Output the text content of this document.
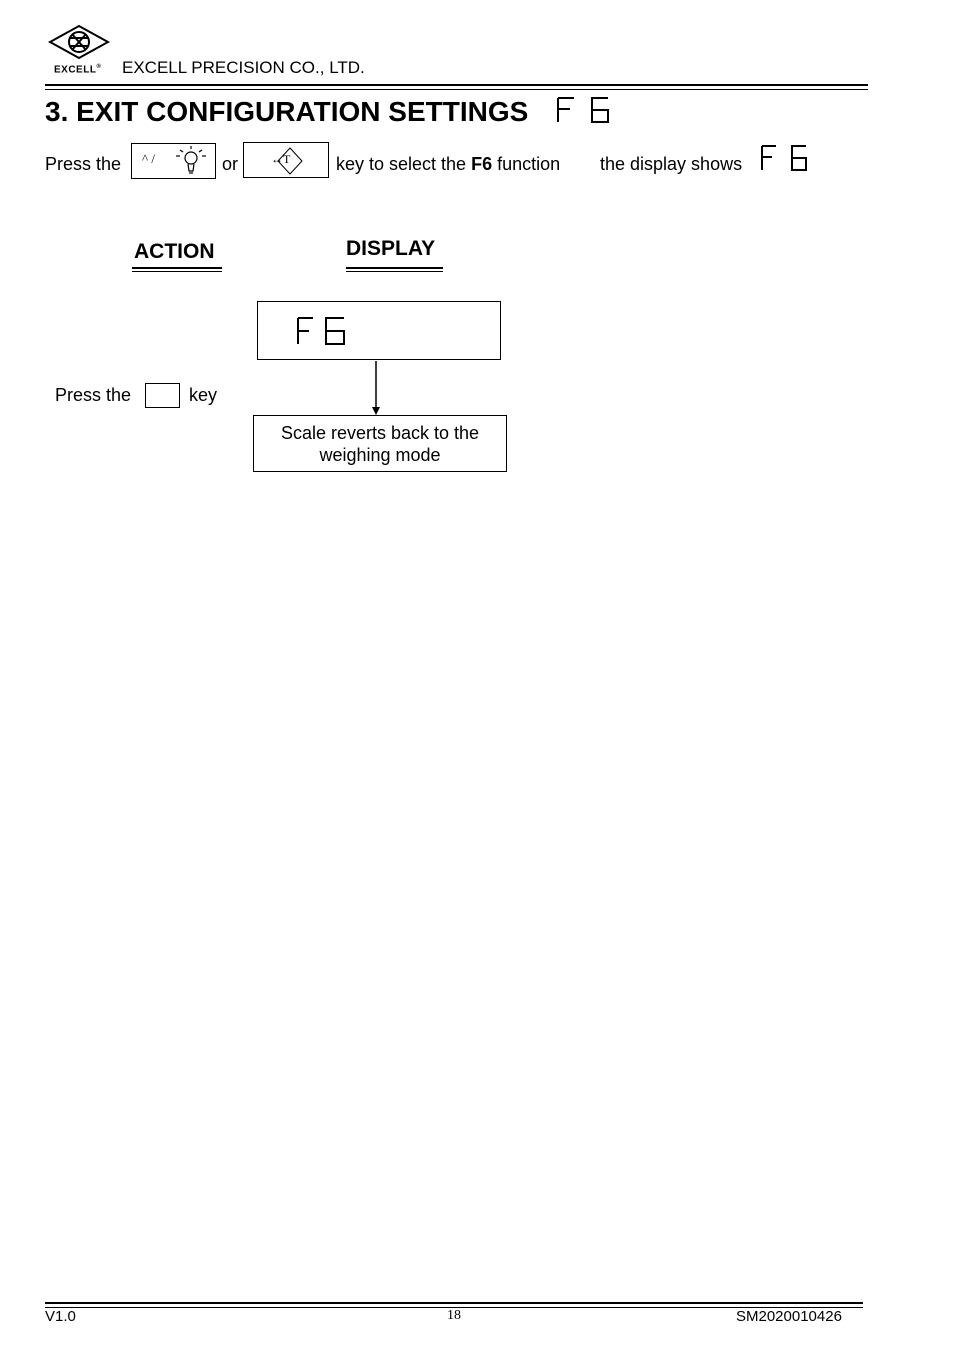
EXCELL® EXCELL PRECISION CO., LTD.
3. EXIT CONFIGURATION SETTINGS
Press the ^ /	or	↔T	key to select the F6 function the display shows
ACTION	DISPLAY
Press the	key
Scale reverts back to the weighing mode
V1.0	18	SM2020010426
